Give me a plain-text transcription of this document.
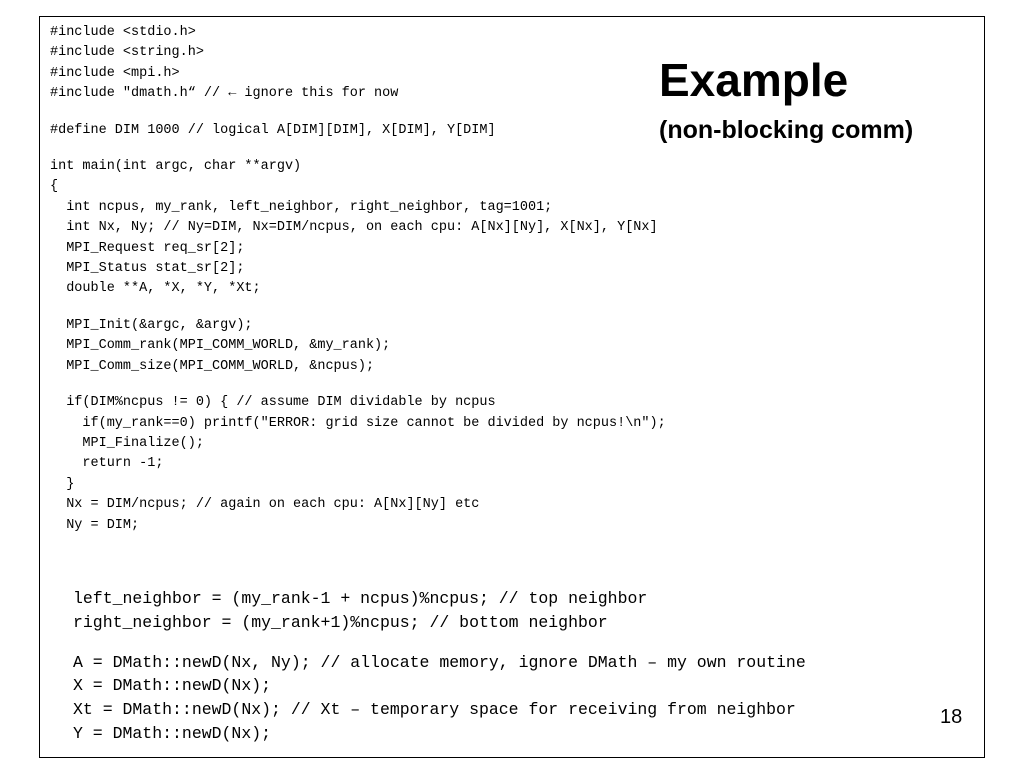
#include <stdio.h>
#include <string.h>
#include <mpi.h>
#include "dmath.h“ // ← ignore this for now
#define DIM 1000 // logical A[DIM][DIM], X[DIM], Y[DIM]
int main(int argc, char **argv)
{
int ncpus, my_rank, left_neighbor, right_neighbor, tag=1001;
int Nx, Ny; // Ny=DIM, Nx=DIM/ncpus, on each cpu: A[Nx][Ny], X[Nx], Y[Nx]
MPI_Request req_sr[2];
MPI_Status stat_sr[2];
double **A, *X, *Y, *Xt;
MPI_Init(&argc, &argv);
MPI_Comm_rank(MPI_COMM_WORLD, &my_rank);
MPI_Comm_size(MPI_COMM_WORLD, &ncpus);
if(DIM%ncpus != 0) { // assume DIM dividable by ncpus
if(my_rank==0) printf("ERROR: grid size cannot be divided by ncpus!\n");
MPI_Finalize();
return -1;
}
Nx = DIM/ncpus; // again on each cpu: A[Nx][Ny] etc
Ny = DIM;
left_neighbor = (my_rank-1 + ncpus)%ncpus; // top neighbor
right_neighbor = (my_rank+1)%ncpus; // bottom neighbor
A = DMath::newD(Nx, Ny); // allocate memory, ignore DMath – my own routine
X = DMath::newD(Nx);
Xt = DMath::newD(Nx); // Xt – temporary space for receiving from neighbor
Y = DMath::newD(Nx);
Example
(non-blocking comm)
18
